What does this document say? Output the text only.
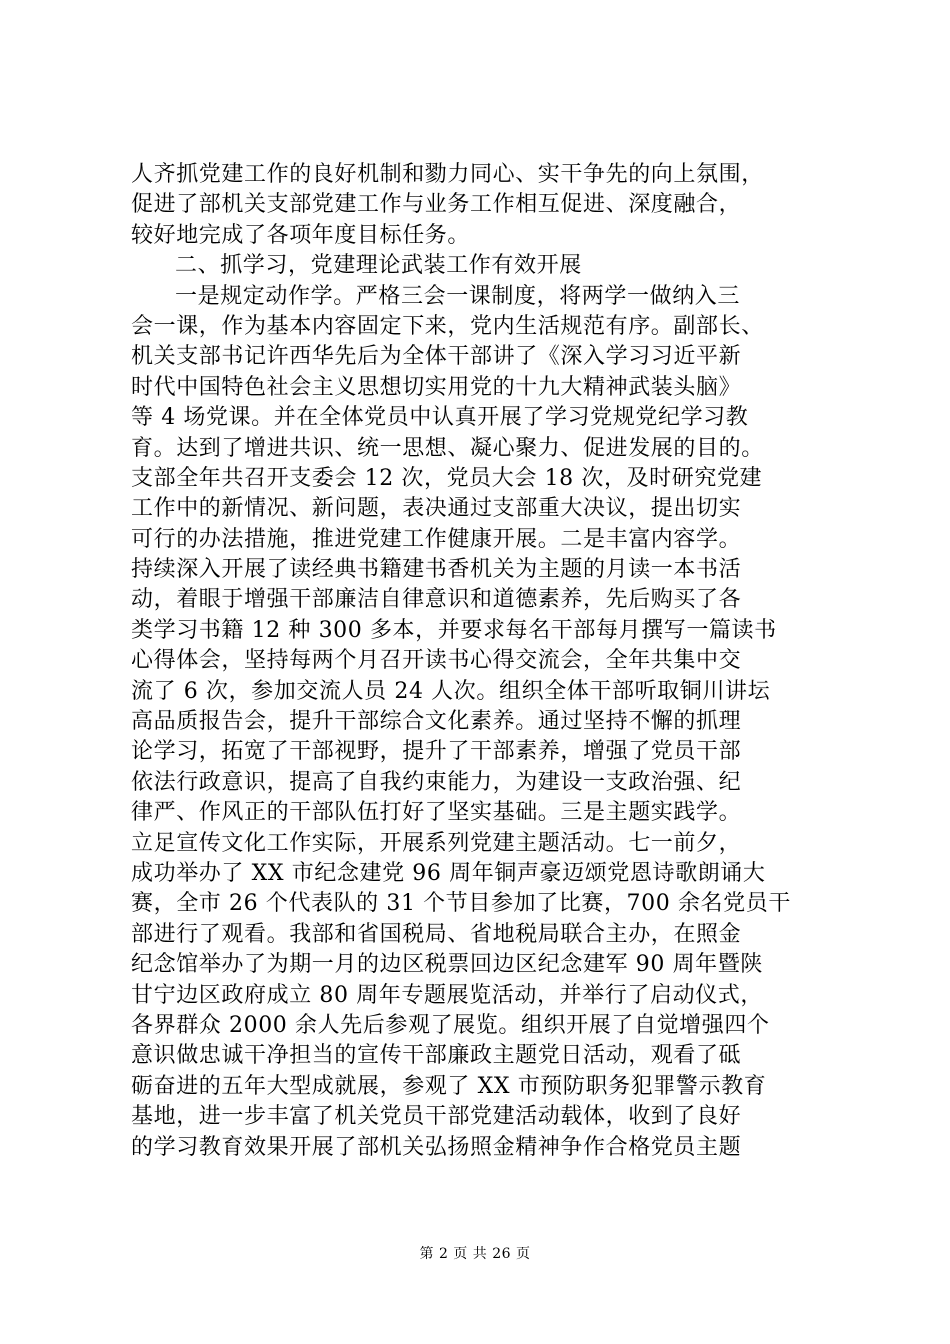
人齐抓党建工作的良好机制和勠力同心、实干争先的向上氛围，
促进了部机关支部党建工作与业务工作相互促进、深度融合，
较好地完成了各项年度目标任务。
二、抓学习，党建理论武装工作有效开展
一是规定动作学。严格三会一课制度，将两学一做纳入三
会一课，作为基本内容固定下来，党内生活规范有序。副部长、
机关支部书记许西华先后为全体干部讲了《深入学习习近平新
时代中国特色社会主义思想切实用党的十九大精神武装头脑》
等 4 场党课。并在全体党员中认真开展了学习党规党纪学习教
育。达到了增进共识、统一思想、凝心聚力、促进发展的目的。
支部全年共召开支委会 12 次，党员大会 18 次，及时研究党建
工作中的新情况、新问题，表决通过支部重大决议，提出切实
可行的办法措施，推进党建工作健康开展。二是丰富内容学。
持续深入开展了读经典书籍建书香机关为主题的月读一本书活
动，着眼于增强干部廉洁自律意识和道德素养，先后购买了各
类学习书籍 12 种 300 多本，并要求每名干部每月撰写一篇读书
心得体会，坚持每两个月召开读书心得交流会，全年共集中交
流了 6 次，参加交流人员 24 人次。组织全体干部听取铜川讲坛
高品质报告会，提升干部综合文化素养。通过坚持不懈的抓理
论学习，拓宽了干部视野，提升了干部素养，增强了党员干部
依法行政意识，提高了自我约束能力，为建设一支政治强、纪
律严、作风正的干部队伍打好了坚实基础。三是主题实践学。
立足宣传文化工作实际，开展系列党建主题活动。七一前夕，
成功举办了 XX 市纪念建党 96 周年铜声豪迈颂党恩诗歌朗诵大
赛，全市 26 个代表队的 31 个节目参加了比赛，700 余名党员干
部进行了观看。我部和省国税局、省地税局联合主办，在照金
纪念馆举办了为期一月的边区税票回边区纪念建军 90 周年暨陕
甘宁边区政府成立 80 周年专题展览活动，并举行了启动仪式，
各界群众 2000 余人先后参观了展览。组织开展了自觉增强四个
意识做忠诚干净担当的宣传干部廉政主题党日活动，观看了砥
砺奋进的五年大型成就展，参观了 XX 市预防职务犯罪警示教育
基地，进一步丰富了机关党员干部党建活动载体，收到了良好
的学习教育效果开展了部机关弘扬照金精神争作合格党员主题
第 2 页 共 26 页
